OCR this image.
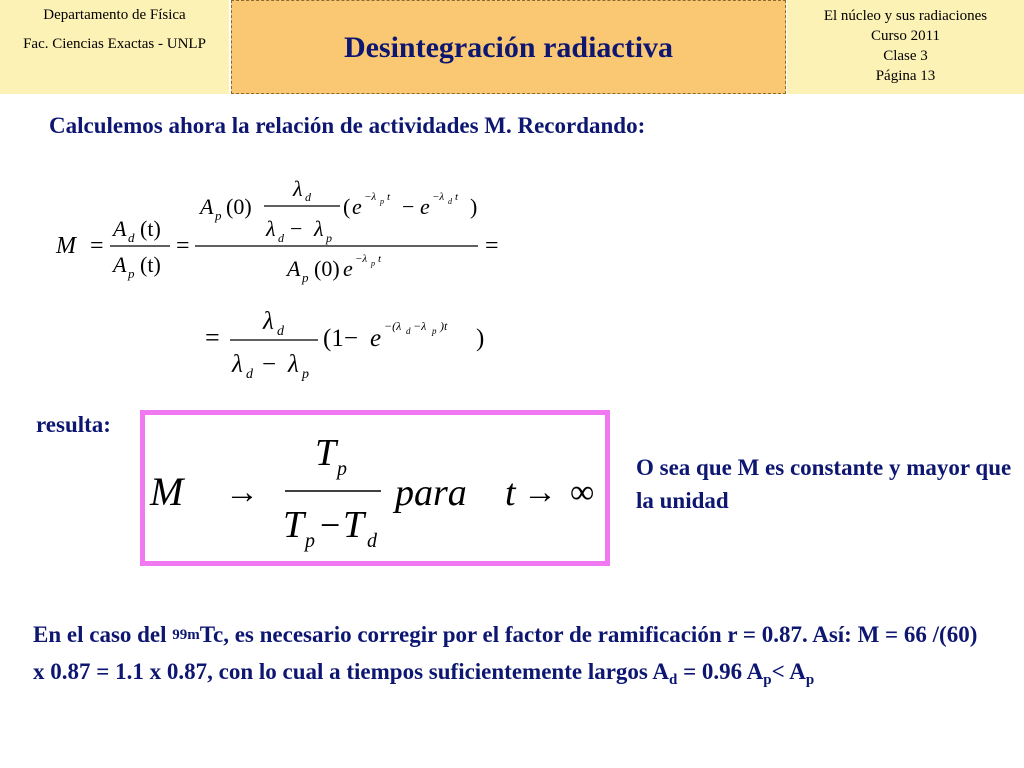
Departamento de Física
Fac. Ciencias Exactas - UNLP	Desintegración radiactiva
El núcleo y sus radiaciones
Curso 2011
Clase 3
Página 13
Calculemos ahora la relación de actividades M. Recordando:
M =
A d (t)
A p (t)
=
A p (0)
λ d
λ d − λ p
( e −λ p t − e −λ d t )
A p (0) e −λ p t	=
=
λ d
λ d − λ p
(1− e −(λ d −λ p )t )
resulta:
M →
T p
T p − T d
para t → ∞
O sea que M es constante y mayor que la unidad
En el caso del $^{99m}$Tc, es necesario corregir por el factor de ramificación r = 0.87. Así: M = 66 /(60) x 0.87 = 1.1 x 0.87, con lo cual a tiempos suficientemente largos $A_d = 0.96$ $A_p< A_p$
